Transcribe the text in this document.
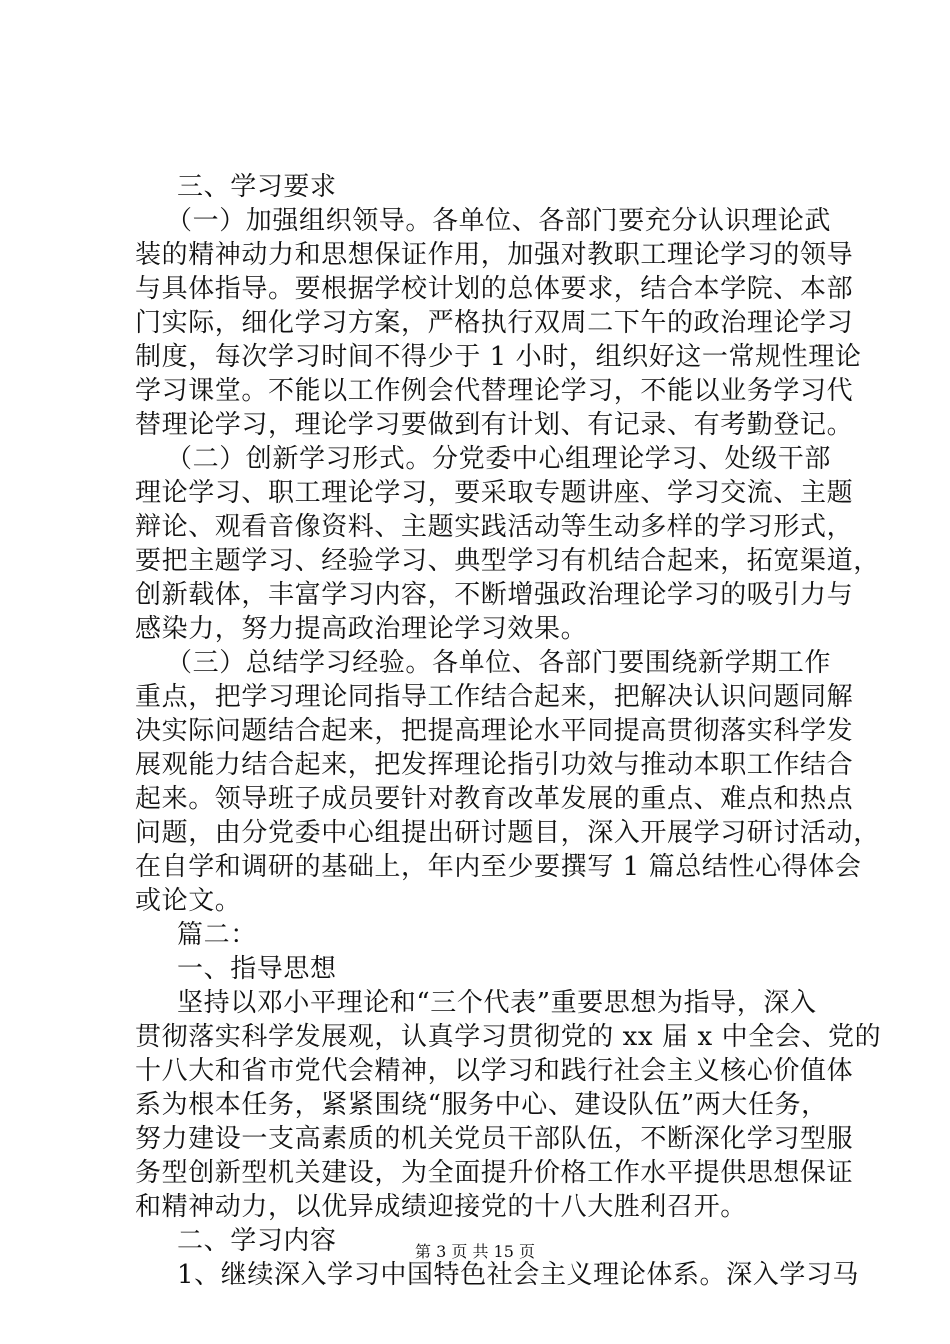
三、学习要求
（一）加强组织领导。各单位、各部门要充分认识理论武
装的精神动力和思想保证作用，加强对教职工理论学习的领导
与具体指导。要根据学校计划的总体要求，结合本学院、本部
门实际，细化学习方案，严格执行双周二下午的政治理论学习
制度，每次学习时间不得少于 1 小时，组织好这一常规性理论
学习课堂。不能以工作例会代替理论学习，不能以业务学习代
替理论学习，理论学习要做到有计划、有记录、有考勤登记。
（二）创新学习形式。分党委中心组理论学习、处级干部
理论学习、职工理论学习，要采取专题讲座、学习交流、主题
辩论、观看音像资料、主题实践活动等生动多样的学习形式，
要把主题学习、经验学习、典型学习有机结合起来，拓宽渠道，
创新载体，丰富学习内容，不断增强政治理论学习的吸引力与
感染力，努力提高政治理论学习效果。
（三）总结学习经验。各单位、各部门要围绕新学期工作
重点，把学习理论同指导工作结合起来，把解决认识问题同解
决实际问题结合起来，把提高理论水平同提高贯彻落实科学发
展观能力结合起来，把发挥理论指引功效与推动本职工作结合
起来。领导班子成员要针对教育改革发展的重点、难点和热点
问题，由分党委中心组提出研讨题目，深入开展学习研讨活动，
在自学和调研的基础上，年内至少要撰写 1 篇总结性心得体会
或论文。
篇二：
一、指导思想
坚持以邓小平理论和“三个代表”重要思想为指导，深入
贯彻落实科学发展观，认真学习贯彻党的 xx 届 x 中全会、党的
十八大和省市党代会精神，以学习和践行社会主义核心价值体
系为根本任务，紧紧围绕“服务中心、建设队伍”两大任务，
努力建设一支高素质的机关党员干部队伍，不断深化学习型服
务型创新型机关建设，为全面提升价格工作水平提供思想保证
和精神动力，以优异成绩迎接党的十八大胜利召开。
二、学习内容
1、继续深入学习中国特色社会主义理论体系。深入学习马
第 3 页 共 15 页
